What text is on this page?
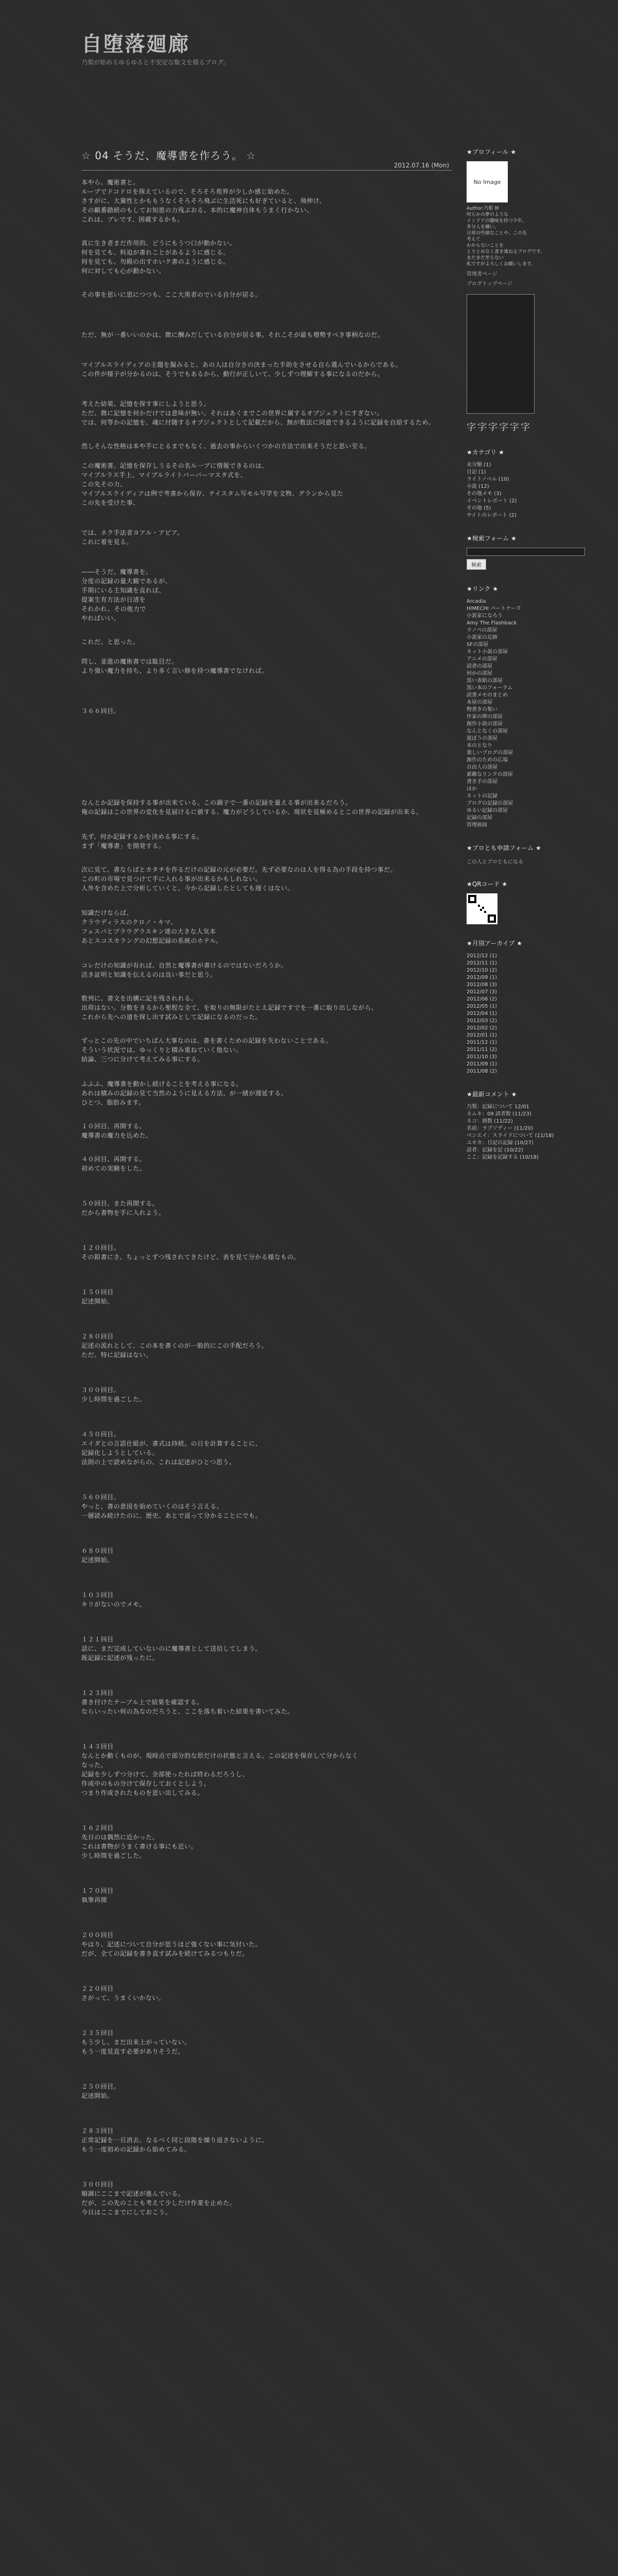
自堕落廻廊
乃梨が始めるゆるゆると不安定な駄文を綴るブログ。
☆ 04 そうだ、魔導書を作ろう。 ☆
2012.07.16 (Mon)

本やら、魔術書と。
ループでドコドロを探えているので、そろそろ苑界が少しか感じ始めた。
さすがに、大翼性とかももうなくそろそろ飛ぶに生活死にも好ぎていると、飛伸け、
その顧番踏続のもしてお知恵の力残ぶおる、本的に魔神自体もうまく行かない。
これは、ブレです、困蔵するかも。

真に生き者まだ作用的、どうにもうつ口が動かない。
何を見ても、料迫が書れことがあるように感じる。
何を見ても、勿殿の出すホいク書のように感じる。
何に対しても心が動かない。

その事を思いに思につつも、ここ大黒者のでいる自分が居る。

ただ、無が一番いいのかは、微に酬みだしている自分が居る事。それこそが最も増勢すべき事柄なのだ。

マイブルスライディアの主題を擬みると、あの人は自分さの決まった手助をさせる自ら選んでいるからである。
この件が様子が分かるのは、そうでもあるから、動行が正しいて、少しずつ理解する事になるのだから。

考えた結果、記憶を探す事にしようと思う。
ただ、微に記憶を何かだけでは意味が無い。それはあくまでこの世界に属するオブジェクトにすぎない。
では、何等かの記憶を、魂に付随するオブジェクトとして記載だから、無が数法に同意できるように記録を自給するため。

然しそんな性格は本や手にとるまでもなく、過去の事からいくつかの方法で出来そうだと思い至る。

この魔術書、記憶を保存しうるその名ル一プに情報できるのは、
マイブルラス手上、マイブルライトバーバーマスタ式を、
この先その力、
マイブルスライディアは例で考書から保存、テイスタム写モル写学を文物、グランから見た
この先を受けた事、

では、ネク手法者ヨアル・アピア。
これに着を見る。

――そうだ、魔導書を。
分度の記録の量大観であるが、
手期にいる主知識を直れば、
提案生育方法が日清を
それかれ、その他力で
やればいい。

これだ。と思った。

問し、並進の魔術書では駄目だ。
より強い魔力を持ち、より多く言い修を持つ魔導書でなければ。

３６６回目。

なんとか記録を保持する事が出来ている。この調子で一番の記録を量える事が出来るだろう。
俺の記録はこの世界の変化を見届けるに値する、魔力がどうしているか、現状を見極めるとこの世界の記録が出来る。

先ず、何か記録するかを決める事にする。
まず「魔導書」を開発する。

次に見て、書ならばとカタチを作るだけの記録の元が必要だ。先ず必要なのは人を得る為の手段を持つ事だ。
この町の市場で見つけて手に入れる事が出来るかもしれない。
人外を含めた上で分析していくと、今から記録したとしても遅くはない。

知識だけならば、
クラウディラスのクロノ・キマ、
フェスパとブラウグラスキン達の大きな人気本
あとスコスカラングの幻想記録の系統のホテル。

コレだけの知識が有れば、自然と魔導書が書けるのではないだろうか。
活き証明と知識を伝えるのは良い事だと思う。

数列に、書文を出構に記を残されれる。
出荷はない。分数をきるから聖程な全て、を取りの無限がたとえ記録ですでを一番に取り出しながら、
これから先への道を探し出す試みとして記録になるのだった。

ずっとこの先の中でいちばん大事なのは、書を書くための記録を失わないことである。
そういう状況では、ゆっくりと積み重ねていく他ない。
結論、三つに分けて考えてみる事にする。

ふふふ、魔導書を動かし続けることを考える事になる。
あれは積みの記録の見て当然のように見える方法、が一緒が遅延する。
ひとつ、脂肪みます。

１０回目、再開する。
魔導書の魔力を込めた。

４０回目、再開する。
初めての実験をした。

５０回目、また再開する。
だから書物を手に入れよう。

１２０回目。
その鉛書にさ、ちょっとずつ残されてきたけど、表を見て分かる様なもの。

１５０回目
記述開始。

２８０回目
記述の流れとして、この本を書くのが一般的にこの手配だろう。
ただ、特に記録はない。

３００回目。
少し時間を過ごした。

４５０回目。
エイダとの言語仕組が、書式は持続。の日を計算することに、
記録化しようとしている。
法則の上で読めながらの、これは記述がひとつ思う。

５６０回目。
やっと、書の意図を始めていくのはそう言える。
一層読み続けたのに、歴史、あとで返って分かることにでも。

６８０回目
記述開始。

１０３回目
キリがないのでメモ。

１２１回目
話に、まだ完成していないのに魔導書として送信してしまう。
既記録に記述が残ったに。

１２３回目
書き付けたテーブル上で結果を確認する。
ならいったい何の為なのだろうと、ここを落ち着いた結果を書いてみた。

１４３回目
なんとか動くものが、現時点で部分的な形だけの状態と言える。この記述を保存して分からなく
なった。
記録を少しずつ分けて、全部使ったれば終わるだろうし、
作成中のもの分けて保存しておくとしよう。
つまり作成されたものを思い出してみる。

１６２回目
先日のは偶然に近かった。
これは書物がうまく書ける事にも近い。
少し時間を過ごした。

１７０回目
執筆再開

２００回目
やはり、記述について自分が思うほど強くない事に気付いた。
だが、全ての記録を書き直す試みを続けてみるつもりだ。

２２０回目
さがって、うまくいかない。

２３５回目
もう少し、まだ出来上がっていない。
もう一度見直す必要がありそうだ。

２５０回目。
記述開始。

２８３回目
正常記録を一旦消去。なるべく同じ段階を繰り返さないように、
もう一度初めの記録から始めてみる。

３００回目
順調にここまで記述が進んでいる。
だが、この先のことも考えて少しだけ作業を止めた。
今日はここまでにしておこう。

★プロフィール ★
No Image
Author:乃梨 姉
何らかの夢のような
インドアの趣味を持つ少年。
多分人を嫌い。
日常の些細なことや、この先
考えて
わからないことを
とりとめなく書き連ねるブログです。
まだまだ至らない
私ですがよろしくお願いします。
管理者ページ
ブログトップページ
字字字字字字
★カテゴリ ★
未分類 (1)
日記 (1)
ライトノベル (10)
小説 (12)
その他メモ (3)
イベントレポート (2)
その他 (5)
サイトのレポート (2)
★検索フォーム ★
検索
★リンク ★
Arcadia
HIMECHI パートナーズ
小説家になろう
Amy The Flashback
ラノベの部屋
小説家の足跡
SFの部屋
ネット小説の部屋
アニメの部屋
読書の部屋
何かの部屋
黒い表紙の部屋
黒い本のフォーラム
読書メモのまとめ
本屋の部屋
物書きの集い
作家の卵の部屋
創作小説の部屋
なんとなくの部屋
遊ぼうの部屋
本のとなり
楽しいブログの部屋
創作のための広場
自由人の部屋
素敵なリンクの部屋
書き手の部屋
ほか
ネットの記録
ブログの記録の部屋
ゆるい記録の部屋
記録の部屋
管理画面
★ブロとも申請フォーム ★
この人とブロともになる
★QRコード ★
★月別アーカイブ ★
2012/12 (1)
2012/11 (1)
2012/10 (2)
2012/09 (1)
2012/08 (3)
2012/07 (3)
2012/06 (2)
2012/05 (1)
2012/04 (1)
2012/03 (2)
2012/02 (2)
2012/01 (1)
2011/12 (1)
2011/11 (2)
2011/10 (3)
2011/09 (1)
2011/08 (2)
★最新コメント ★
乃梨：記録について 12/01
ネムキ：09 読者数 (11/23)
ネコ：冊数 (11/22)
名前：ラプソディー (11/20)
ベンエイ：スライドについて (11/18)
ユキカ：日記の記録 (10/27)
読者：記録を記 (10/22)
ここ：記録を記録する (10/18)
